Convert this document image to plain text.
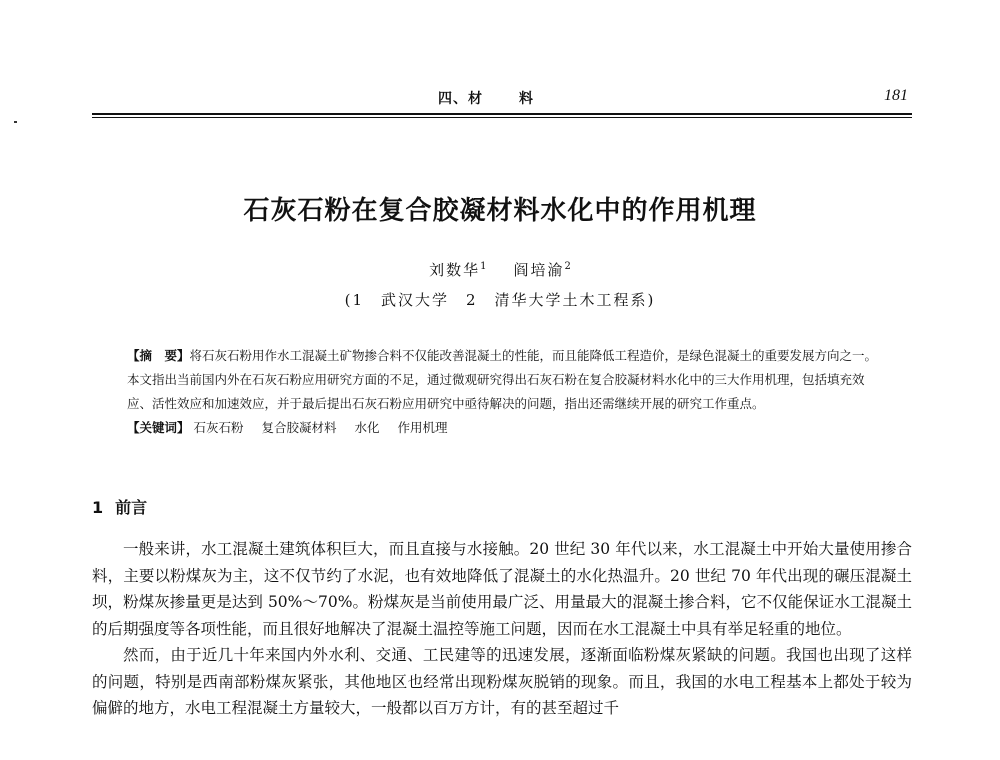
四、材	料	181
石灰石粉在复合胶凝材料水化中的作用机理
刘数华$^1$ 阎培渝$^2$
(1　武汉大学　2　清华大学土木工程系)
【摘　要】将石灰石粉用作水工混凝土矿物掺合料不仅能改善混凝土的性能，而且能降低工程造价，是绿色混凝土的重要发展方向之一。本文指出当前国内外在石灰石粉应用研究方面的不足，通过微观研究得出石灰石粉在复合胶凝材料水化中的三大作用机理，包括填充效应、活性效应和加速效应，并于最后提出石灰石粉应用研究中亟待解决的问题，指出还需继续开展的研究工作重点。
【关键词】 石灰石粉 复合胶凝材料 水化 作用机理
1 前言

一般来讲，水工混凝土建筑体积巨大，而且直接与水接触。20 世纪 30 年代以来，水工混凝土中开始大量使用掺合料，主要以粉煤灰为主，这不仅节约了水泥，也有效地降低了混凝土的水化热温升。20 世纪 70 年代出现的碾压混凝土坝，粉煤灰掺量更是达到 50%～70%。粉煤灰是当前使用最广泛、用量最大的混凝土掺合料，它不仅能保证水工混凝土的后期强度等各项性能，而且很好地解决了混凝土温控等施工问题，因而在水工混凝土中具有举足轻重的地位。

然而，由于近几十年来国内外水利、交通、工民建等的迅速发展，逐渐面临粉煤灰紧缺的问题。我国也出现了这样的问题，特别是西南部粉煤灰紧张，其他地区也经常出现粉煤灰脱销的现象。而且，我国的水电工程基本上都处于较为偏僻的地方，水电工程混凝土方量较大，一般都以百万方计，有的甚至超过千
